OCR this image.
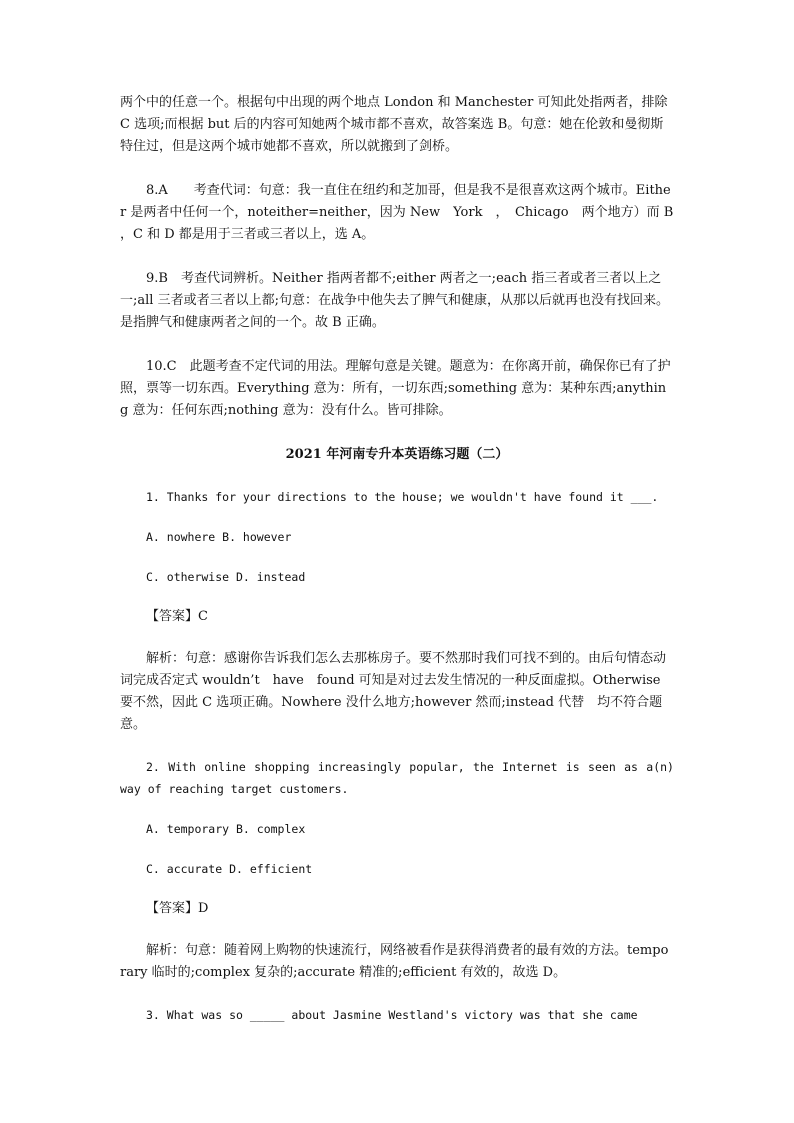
两个中的任意一个。根据句中出现的两个地点 London 和 Manchester 可知此处指两者，排除 C 选项;而根据 but 后的内容可知她两个城市都不喜欢，故答案选 B。句意：她在伦敦和曼彻斯特住过，但是这两个城市她都不喜欢，所以就搬到了剑桥。

8.A　　考查代词：句意：我一直住在纽约和芝加哥，但是我不是很喜欢这两个城市。Either 是两者中任何一个，noteither=neither，因为 New　York　，　Chicago　两个地方）而 B ，C 和 D 都是用于三者或三者以上，选 A。

9.B　考查代词辨析。Neither 指两者都不;either 两者之一;each 指三者或者三者以上之一;all 三者或者三者以上都;句意：在战争中他失去了脾气和健康，从那以后就再也没有找回来。是指脾气和健康两者之间的一个。故 B 正确。

10.C　此题考查不定代词的用法。理解句意是关键。题意为：在你离开前，确保你已有了护照，票等一切东西。Everything 意为：所有，一切东西;something 意为：某种东西;anything 意为：任何东西;nothing 意为：没有什么。皆可排除。

2021 年河南专升本英语练习题（二）

1. Thanks for your directions to the house; we wouldn't have found it ___.

A. nowhere B. however

C. otherwise D. instead

【答案】C

解析：句意：感谢你告诉我们怎么去那栋房子。要不然那时我们可找不到的。由后句情态动词完成否定式 wouldn’t　have　found 可知是对过去发生情况的一种反面虚拟。Otherwise 要不然，因此 C 选项正确。Nowhere 没什么地方;however 然而;instead 代替　均不符合题意。

2. With online shopping increasingly popular, the Internet is seen as a(n) way of reaching target customers.

A. temporary B. complex

C. accurate D. efficient

【答案】D

解析：句意：随着网上购物的快速流行，网络被看作是获得消费者的最有效的方法。temporary 临时的;complex 复杂的;accurate 精准的;efficient 有效的，故选 D。

3. What was so _____ about Jasmine Westland's victory was that she came
